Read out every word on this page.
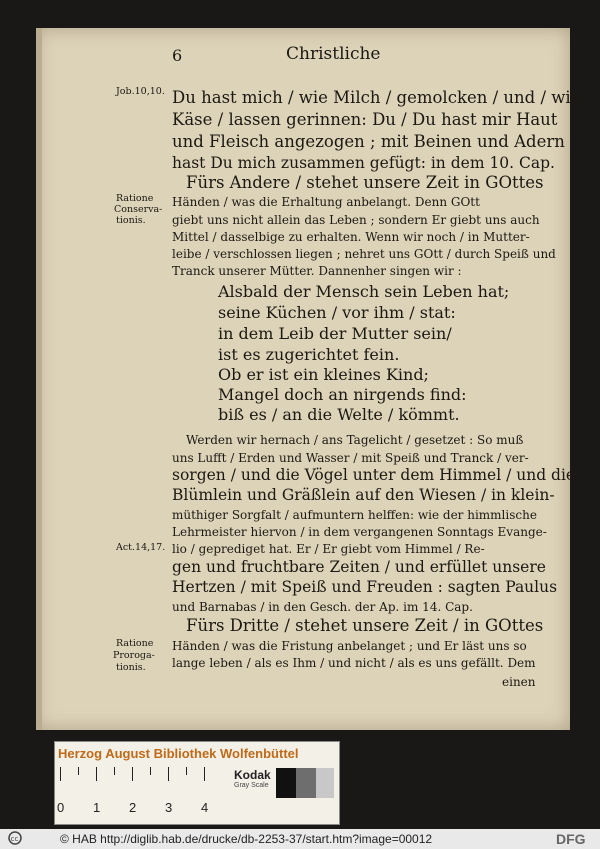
6	Christliche
Job.10,10.
Ratione
Conserva-
tionis.
Act.14,17.
Ratione
Proroga-
tionis.
Du hast mich / wie Milch / gemolcken / und / wie
Käse / lassen gerinnen: Du / Du hast mir Haut
und Fleisch angezogen ; mit Beinen und Adern
hast Du mich zusammen gefügt: in dem 10. Cap.
Fürs Andere / stehet unsere Zeit in GOttes
Händen / was die Erhaltung anbelangt. Denn GOtt
giebt uns nicht allein das Leben ; sondern Er giebt uns auch
Mittel / dasselbige zu erhalten. Wenn wir noch / in Mutter-
leibe / verschlossen liegen ; nehret uns GOtt / durch Speiß und
Tranck unserer Mütter. Dannenher singen wir :
Alsbald der Mensch sein Leben hat;
seine Küchen / vor ihm / stat:
in dem Leib der Mutter sein/
ist es zugerichtet fein.
Ob er ist ein kleines Kind;
Mangel doch an nirgends find:
biß es / an die Welte / kömmt.
Werden wir hernach / ans Tagelicht / gesetzet : So muß
uns Lufft / Erden und Wasser / mit Speiß und Tranck / ver-
sorgen / und die Vögel unter dem Himmel / und die
Blümlein und Gräßlein auf den Wiesen / in klein-
müthiger Sorgfalt / aufmuntern helffen: wie der himmlische
Lehrmeister hiervon / in dem vergangenen Sonntags Evange-
lio / geprediget hat. Er / Er giebt vom Himmel / Re-
gen und fruchtbare Zeiten / und erfüllet unsere
Hertzen / mit Speiß und Freuden : sagten Paulus
und Barnabas / in den Gesch. der Ap. im 14. Cap.
Fürs Dritte / stehet unsere Zeit / in GOttes
Händen / was die Fristung anbelanget ; und Er läst uns so
lange leben / als es Ihm / und nicht / als es uns gefällt. Dem
einen
Herzog August Bibliothek Wolfenbüttel
0 1 2 3 4
Kodak
Gray Scale
cc	© HAB http://diglib.hab.de/drucke/db-2253-37/start.htm?image=00012	DFG
